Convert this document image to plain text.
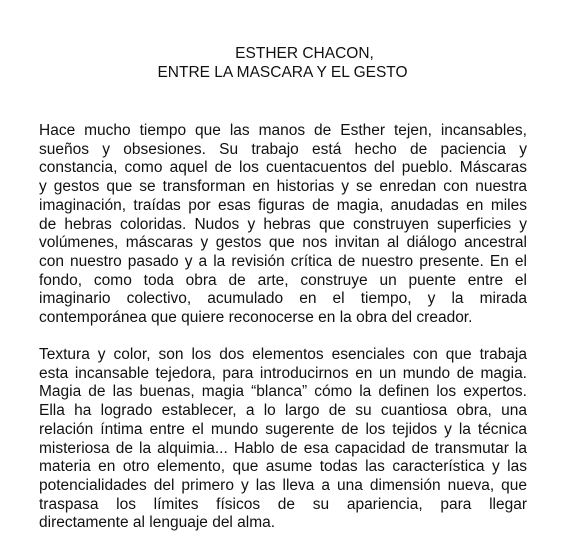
ESTHER CHACON,
ENTRE LA MASCARA Y EL GESTO
Hace mucho tiempo que las manos de Esther tejen, incansables,
sueños y obsesiones. Su trabajo está hecho de paciencia y
constancia, como aquel de los cuentacuentos del pueblo. Máscaras
y gestos que se transforman en historias y se enredan con nuestra
imaginación, traídas por esas figuras de magia, anudadas en miles
de hebras coloridas. Nudos y hebras que construyen superficies y
volúmenes, máscaras y gestos que nos invitan al diálogo ancestral
con nuestro pasado y a la revisión crítica de nuestro presente. En el
fondo, como toda obra de arte, construye un puente entre el
imaginario colectivo, acumulado en el tiempo, y la mirada
contemporánea que quiere reconocerse en la obra del creador.
Textura y color, son los dos elementos esenciales con que trabaja
esta incansable tejedora, para introducirnos en un mundo de magia.
Magia de las buenas, magia “blanca” cómo la definen los expertos.
Ella ha logrado establecer, a lo largo de su cuantiosa obra, una
relación íntima entre el mundo sugerente de los tejidos y la técnica
misteriosa de la alquimia... Hablo de esa capacidad de transmutar la
materia en otro elemento, que asume todas las característica y las
potencialidades del primero y las lleva a una dimensión nueva, que
traspasa los límites físicos de su apariencia, para llegar
directamente al lenguaje del alma.
